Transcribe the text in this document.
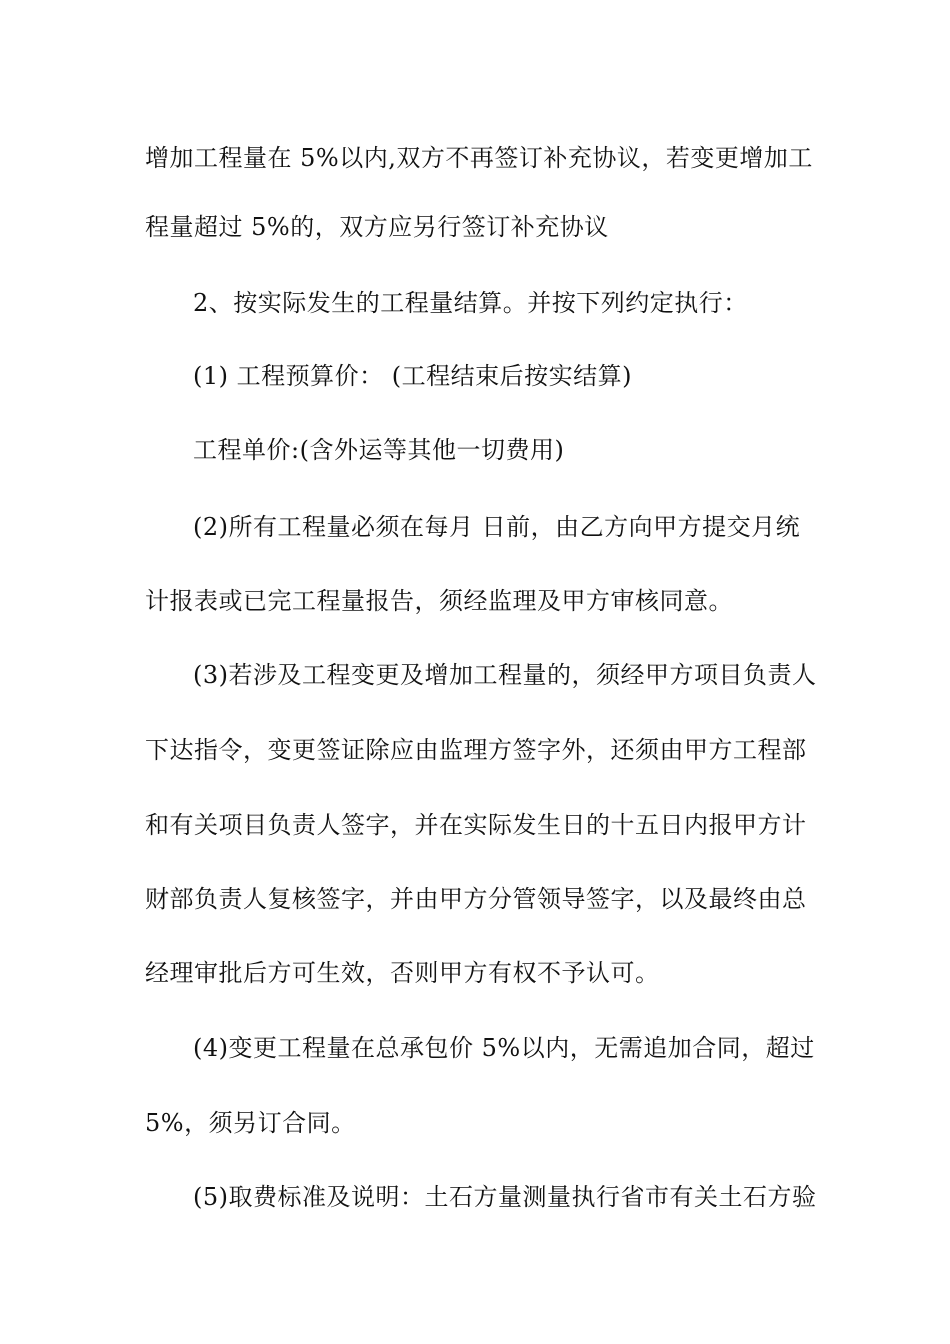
增加工程量在 5%以内,双方不再签订补充协议，若变更增加工
程量超过 5%的，双方应另行签订补充协议
2、按实际发生的工程量结算。并按下列约定执行：
(1) 工程预算价： (工程结束后按实结算)
工程单价:(含外运等其他一切费用)
(2)所有工程量必须在每月 日前，由乙方向甲方提交月统
计报表或已完工程量报告，须经监理及甲方审核同意。
(3)若涉及工程变更及增加工程量的，须经甲方项目负责人
下达指令，变更签证除应由监理方签字外，还须由甲方工程部
和有关项目负责人签字，并在实际发生日的十五日内报甲方计
财部负责人复核签字，并由甲方分管领导签字，以及最终由总
经理审批后方可生效，否则甲方有权不予认可。
(4)变更工程量在总承包价 5%以内，无需追加合同，超过
5%，须另订合同。
(5)取费标准及说明：土石方量测量执行省市有关土石方验
